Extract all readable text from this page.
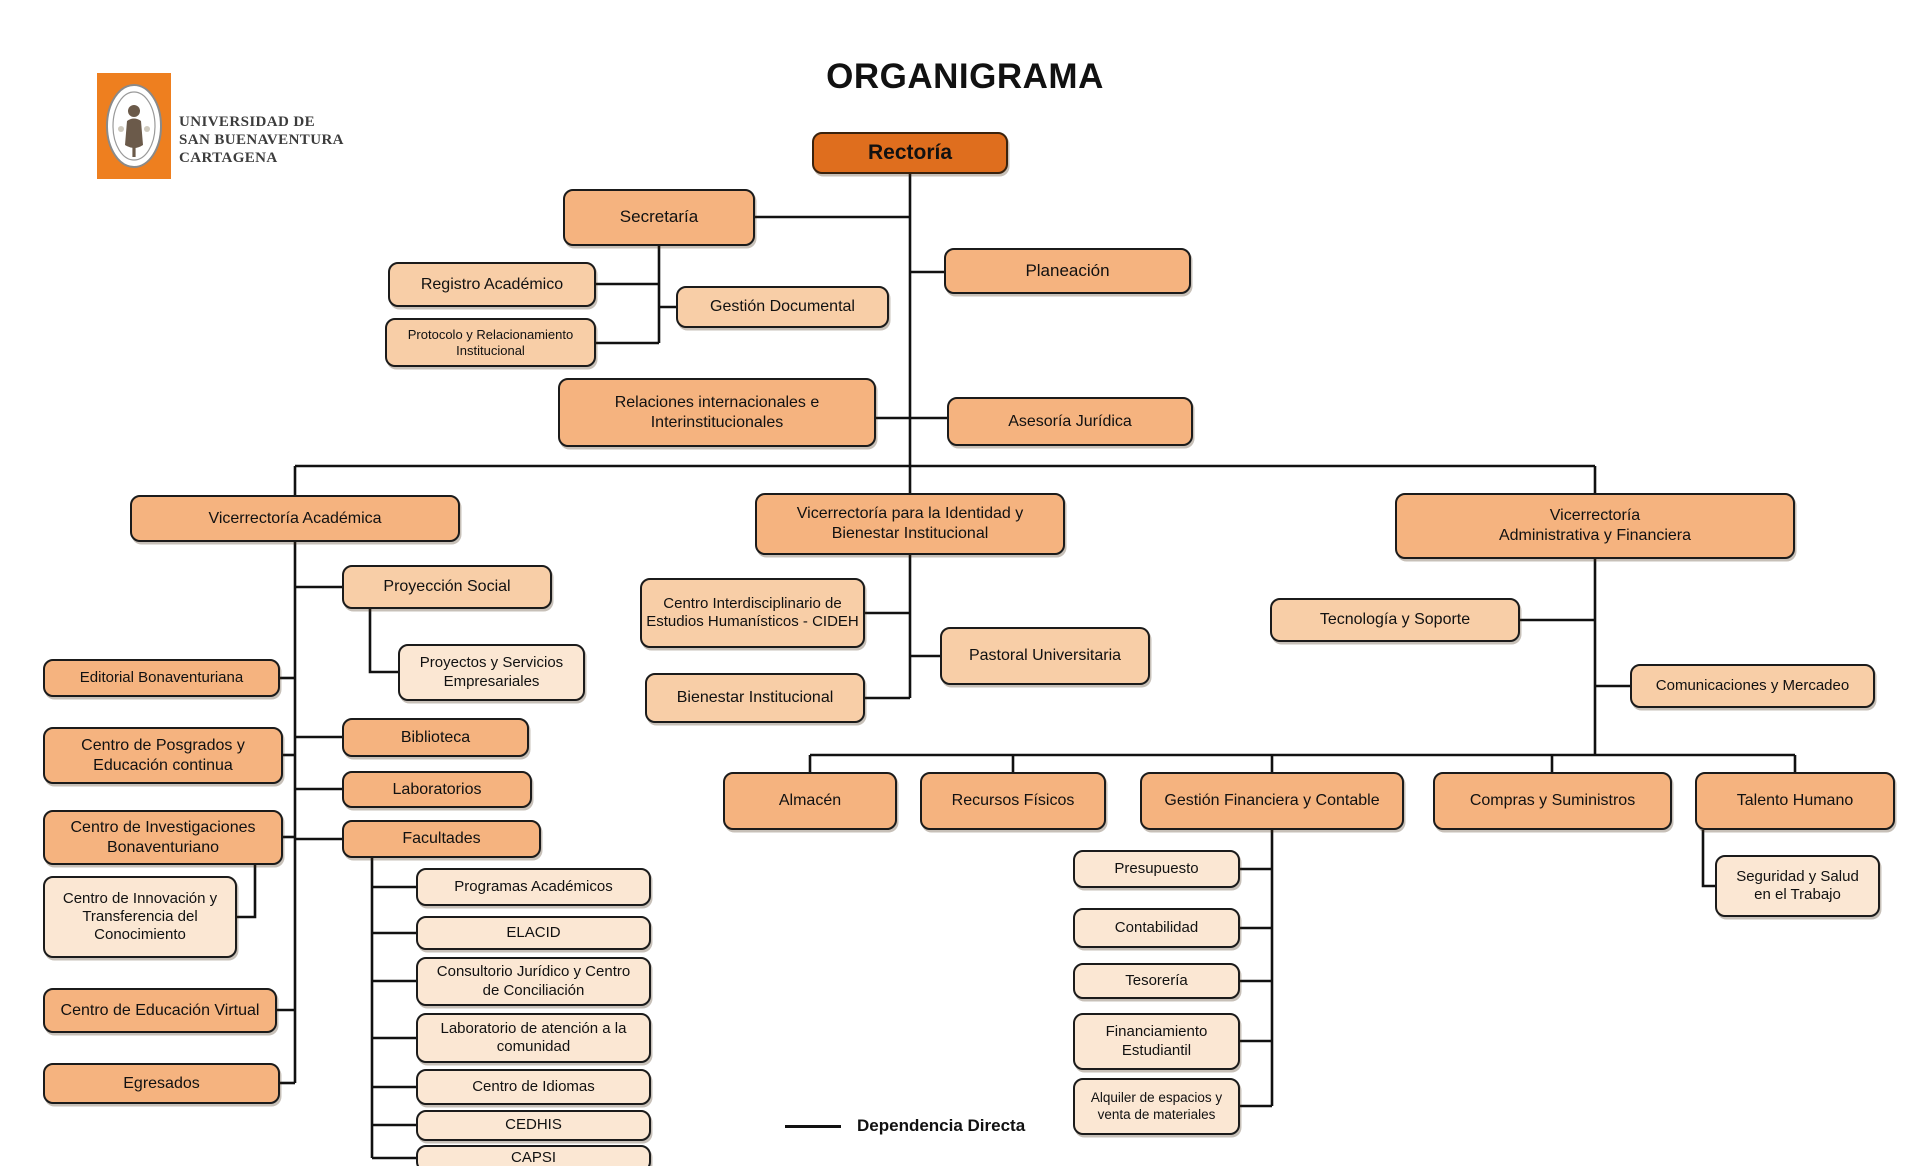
UNIVERSIDAD DE
SAN BUENAVENTURA
CARTAGENA
ORGANIGRAMA
Rectoría
Secretaría
Planeación
Registro Académico
Gestión Documental
Protocolo y Relacionamiento
Institucional
Relaciones internacionales e
Interinstitucionales	Asesoría Jurídica
Vicerrectoría Académica	Vicerrectoría para la Identidad y
Bienestar Institucional
Vicerrectoría
Administrativa y Financiera
Proyección Social
Proyectos y Servicios
Empresariales
Editorial Bonaventuriana
Centro de Posgrados y
Educación continua
Biblioteca
Laboratorios
Centro de Investigaciones
Bonaventuriano	Facultades
Centro de Innovación y
Transferencia del
Conocimiento
Centro de Educación Virtual
Egresados
Programas Académicos
ELACID
Consultorio Jurídico y Centro
de Conciliación
Laboratorio de atención a la
comunidad
Centro de Idiomas
CEDHIS
CAPSI
Centro Interdisciplinario de
Estudios Humanísticos - CIDEH
Pastoral Universitaria
Bienestar Institucional
Tecnología y Soporte
Comunicaciones y Mercadeo
Almacén	Recursos Físicos	Gestión Financiera y Contable	Compras y Suministros	Talento Humano
Presupuesto
Contabilidad
Tesorería
Financiamiento
Estudiantil
Alquiler de espacios y
venta de materiales
Seguridad y Salud
en el Trabajo
Dependencia Directa
